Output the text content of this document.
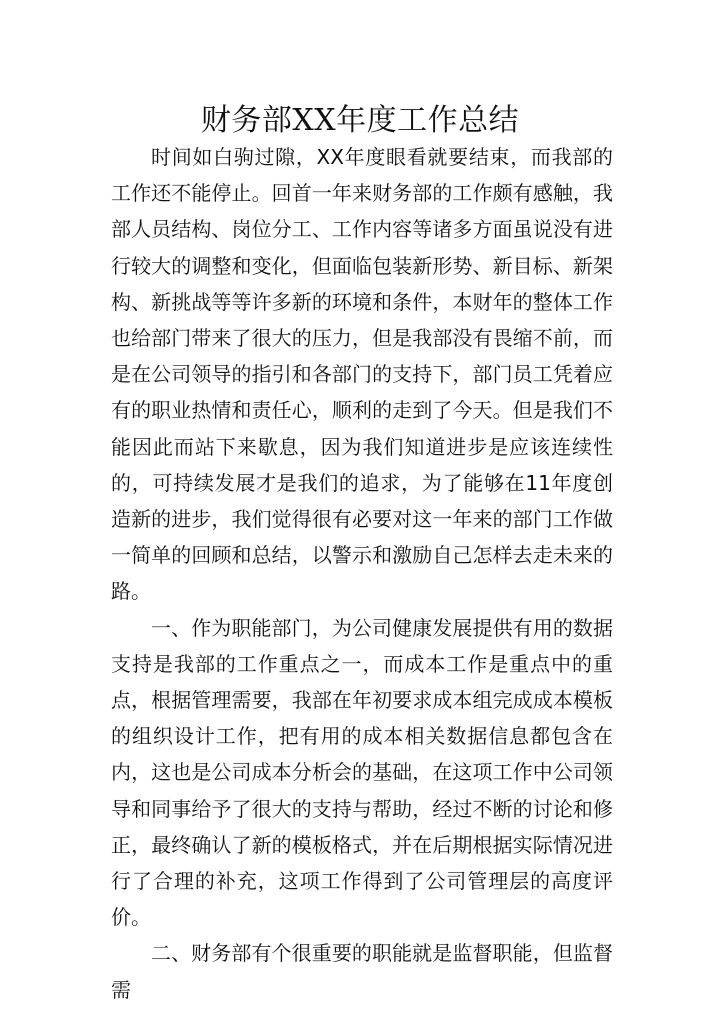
财务部XX年度工作总结

时间如白驹过隙，XX年度眼看就要结束，而我部的工作还不能停止。回首一年来财务部的工作颇有感触，我部人员结构、岗位分工、工作内容等诸多方面虽说没有进行较大的调整和变化，但面临包装新形势、新目标、新架构、新挑战等等许多新的环境和条件，本财年的整体工作也给部门带来了很大的压力，但是我部没有畏缩不前，而是在公司领导的指引和各部门的支持下，部门员工凭着应有的职业热情和责任心，顺利的走到了今天。但是我们不能因此而站下来歇息，因为我们知道进步是应该连续性的，可持续发展才是我们的追求，为了能够在11年度创造新的进步，我们觉得很有必要对这一年来的部门工作做一简单的回顾和总结，以警示和激励自己怎样去走未来的路。

一、作为职能部门，为公司健康发展提供有用的数据支持是我部的工作重点之一，而成本工作是重点中的重点，根据管理需要，我部在年初要求成本组完成成本模板的组织设计工作，把有用的成本相关数据信息都包含在内，这也是公司成本分析会的基础，在这项工作中公司领导和同事给予了很大的支持与帮助，经过不断的讨论和修正，最终确认了新的模板格式，并在后期根据实际情况进行了合理的补充，这项工作得到了公司管理层的高度评价。

二、财务部有个很重要的职能就是监督职能，但监督需
